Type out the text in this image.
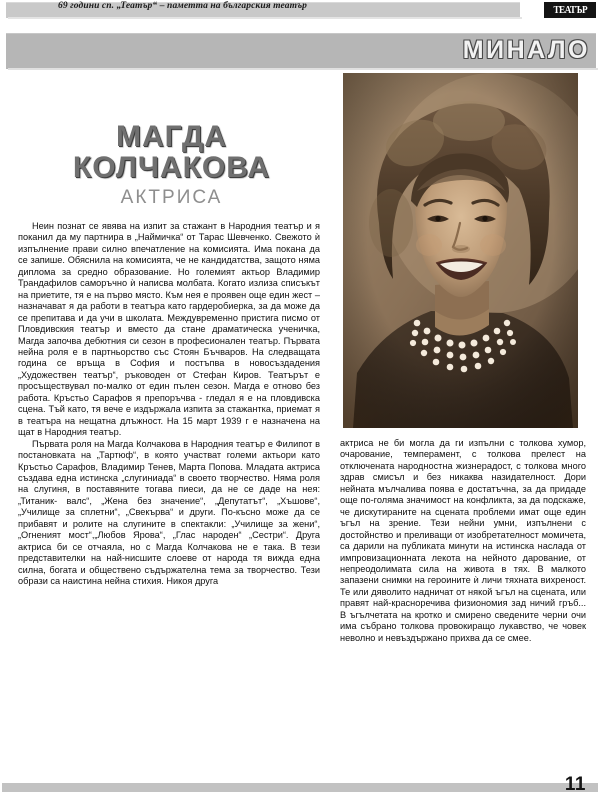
69 години сп. „Театър“ – паметта на българския театър	ТЕАТЪР
МИНАЛО
МАГДА
КОЛЧАКОВА
АКТРИСА

Неин познат се явява на изпит за стажант в Народния театър и я поканил да му партнира в „Наймичка“ от Тарас Шевченко. Свежото ѝ изпълнение прави силно впечатление на комисията. Има покана да се запише. Обяснила на комисията, че не кандидатства, защото няма диплома за средно образование. Но големият актьор Владимир Трандафилов саморъчно ѝ написва молбата. Когато излиза списъкът на приетите, тя е на първо място. Към нея е проявен още един жест – назначават я да работи в театъра като гардеробиерка, за да може да се препитава и да учи в школата. Междувременно пристига писмо от Пловдивския театър и вместо да стане драматическа ученичка, Магда започва дебютния си сезон в професионален театър. Първата нейна роля е в партньорство със Стоян Бъчваров. На следващата година се връща в София и постъпва в новосъздадения „Художествен театър“, ръководен от Стефан Киров. Театърът е просъществувал по-малко от един пълен сезон. Магда е отново без работа. Кръстьо Сарафов я препоръчва - гледал я е на пловдивска сцена. Тъй като, тя вече е издържала изпита за стажантка, приемат я в театъра на нещатна длъжност. На 15 март 1939 г е назначена на щат в Народния театър.

Първата роля на Магда Колчакова в Народния театър е Филипот в постановката на „Тартюф“, в която участват големи актьори като Кръстьо Сарафов, Владимир Тенев, Марта Попова. Младата актриса създава една истинска „слугиниада“ в своето творчество. Няма роля на слугиня, в поставяните тогава пиеси, да не се даде на нея: „Титаник- валс“, „Жена без значение“, „Депутатът“, „Хъшове“, „Училище за сплетни“, „Свекърва“ и други. По-късно може да се прибавят и ролите на слугините в спектакли: „Училище за жени“,„Огненият мост“,„Любов Ярова“, „Глас народен“ „Сестри“. Друга актриса би се отчаяла, но с Магда Колчакова не е така. В тези представителки на най-нисшите слоеве от народа тя вижда една силна, богата и обществено съдържателна тема за творчество. Тези образи са наистина нейна стихия. Никоя друга

актриса не би могла да ги изпълни с толкова хумор, очарование, темперамент, с толкова прелест на отключената народностна жизнерадост, с толкова много здрав смисъл и без никаква назидателност. Дори нейната мълчалива поява е достатъчна, за да придаде още по-голяма значимост на конфликта, за да подскаже, че дискутираните на сцената проблеми имат още един ъгъл на зрение. Тези нейни умни, изпълнени с достойнство и преливащи от изобретателност момичета, са дарили на публиката минути на истинска наслада от импровизационната лекота на нейното дарование, от непреодолимата сила на живота в тях. В малкото запазени снимки на героините ѝ личи тяхната вихреност. Те или дяволито надничат от някой ъгъл на сцената, или правят най-красноречива физиономия зад ничий гръб... В ъгълчетата на кротко и смирено сведените черни очи има събрано толкова провокиращо лукавство, че човек неволно и невъздържано прихва да се смее.

11
